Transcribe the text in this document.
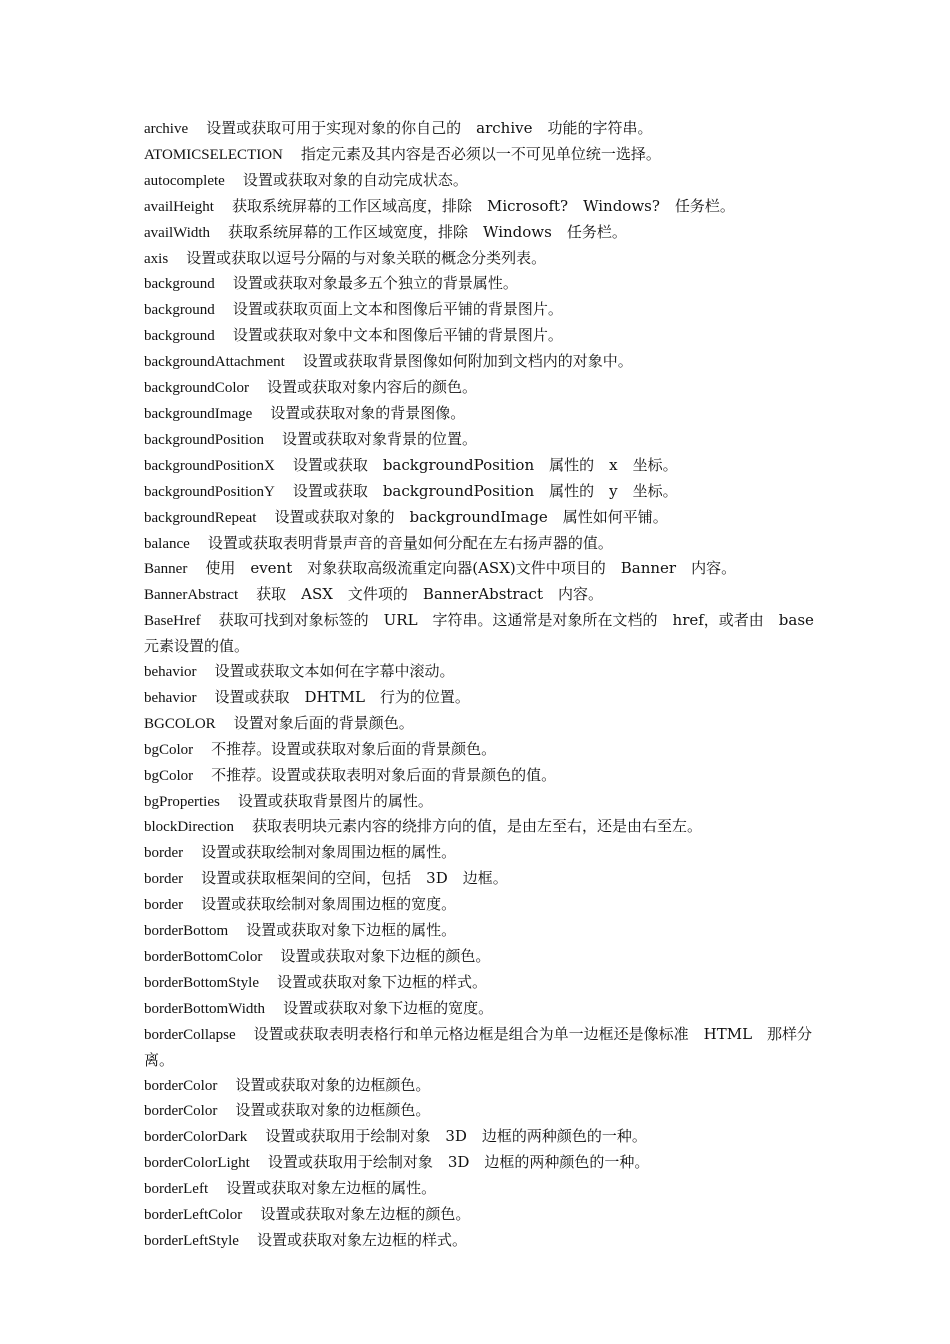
archive 设置或获取可用于实现对象的你自己的　archive　功能的字符串。
ATOMICSELECTION 指定元素及其内容是否必须以一不可见单位统一选择。
autocomplete 设置或获取对象的自动完成状态。
availHeight 获取系统屏幕的工作区域高度，排除　Microsoft?　Windows?　任务栏。
availWidth 获取系统屏幕的工作区域宽度，排除　Windows　任务栏。
axis 设置或获取以逗号分隔的与对象关联的概念分类列表。
background 设置或获取对象最多五个独立的背景属性。
background 设置或获取页面上文本和图像后平铺的背景图片。
background 设置或获取对象中文本和图像后平铺的背景图片。
backgroundAttachment 设置或获取背景图像如何附加到文档内的对象中。
backgroundColor 设置或获取对象内容后的颜色。
backgroundImage 设置或获取对象的背景图像。
backgroundPosition 设置或获取对象背景的位置。
backgroundPositionX 设置或获取　backgroundPosition　属性的　x　坐标。
backgroundPositionY 设置或获取　backgroundPosition　属性的　y　坐标。
backgroundRepeat 设置或获取对象的　backgroundImage　属性如何平铺。
balance 设置或获取表明背景声音的音量如何分配在左右扬声器的值。
Banner 使用　event　对象获取高级流重定向器(ASX)文件中项目的　Banner　内容。
BannerAbstract 获取　ASX　文件项的　BannerAbstract　内容。
BaseHref 获取可找到对象标签的　URL　字符串。这通常是对象所在文档的　href，或者由　base　元素设置的值。
behavior 设置或获取文本如何在字幕中滚动。
behavior 设置或获取　DHTML　行为的位置。
BGCOLOR 设置对象后面的背景颜色。
bgColor 不推荐。设置或获取对象后面的背景颜色。
bgColor 不推荐。设置或获取表明对象后面的背景颜色的值。
bgProperties 设置或获取背景图片的属性。
blockDirection 获取表明块元素内容的绕排方向的值，是由左至右，还是由右至左。
border 设置或获取绘制对象周围边框的属性。
border 设置或获取框架间的空间，包括　3D　边框。
border 设置或获取绘制对象周围边框的宽度。
borderBottom 设置或获取对象下边框的属性。
borderBottomColor 设置或获取对象下边框的颜色。
borderBottomStyle 设置或获取对象下边框的样式。
borderBottomWidth 设置或获取对象下边框的宽度。
borderCollapse 设置或获取表明表格行和单元格边框是组合为单一边框还是像标准　HTML　那样分离。
borderColor 设置或获取对象的边框颜色。
borderColor 设置或获取对象的边框颜色。
borderColorDark 设置或获取用于绘制对象　3D　边框的两种颜色的一种。
borderColorLight 设置或获取用于绘制对象　3D　边框的两种颜色的一种。
borderLeft 设置或获取对象左边框的属性。
borderLeftColor 设置或获取对象左边框的颜色。
borderLeftStyle 设置或获取对象左边框的样式。
